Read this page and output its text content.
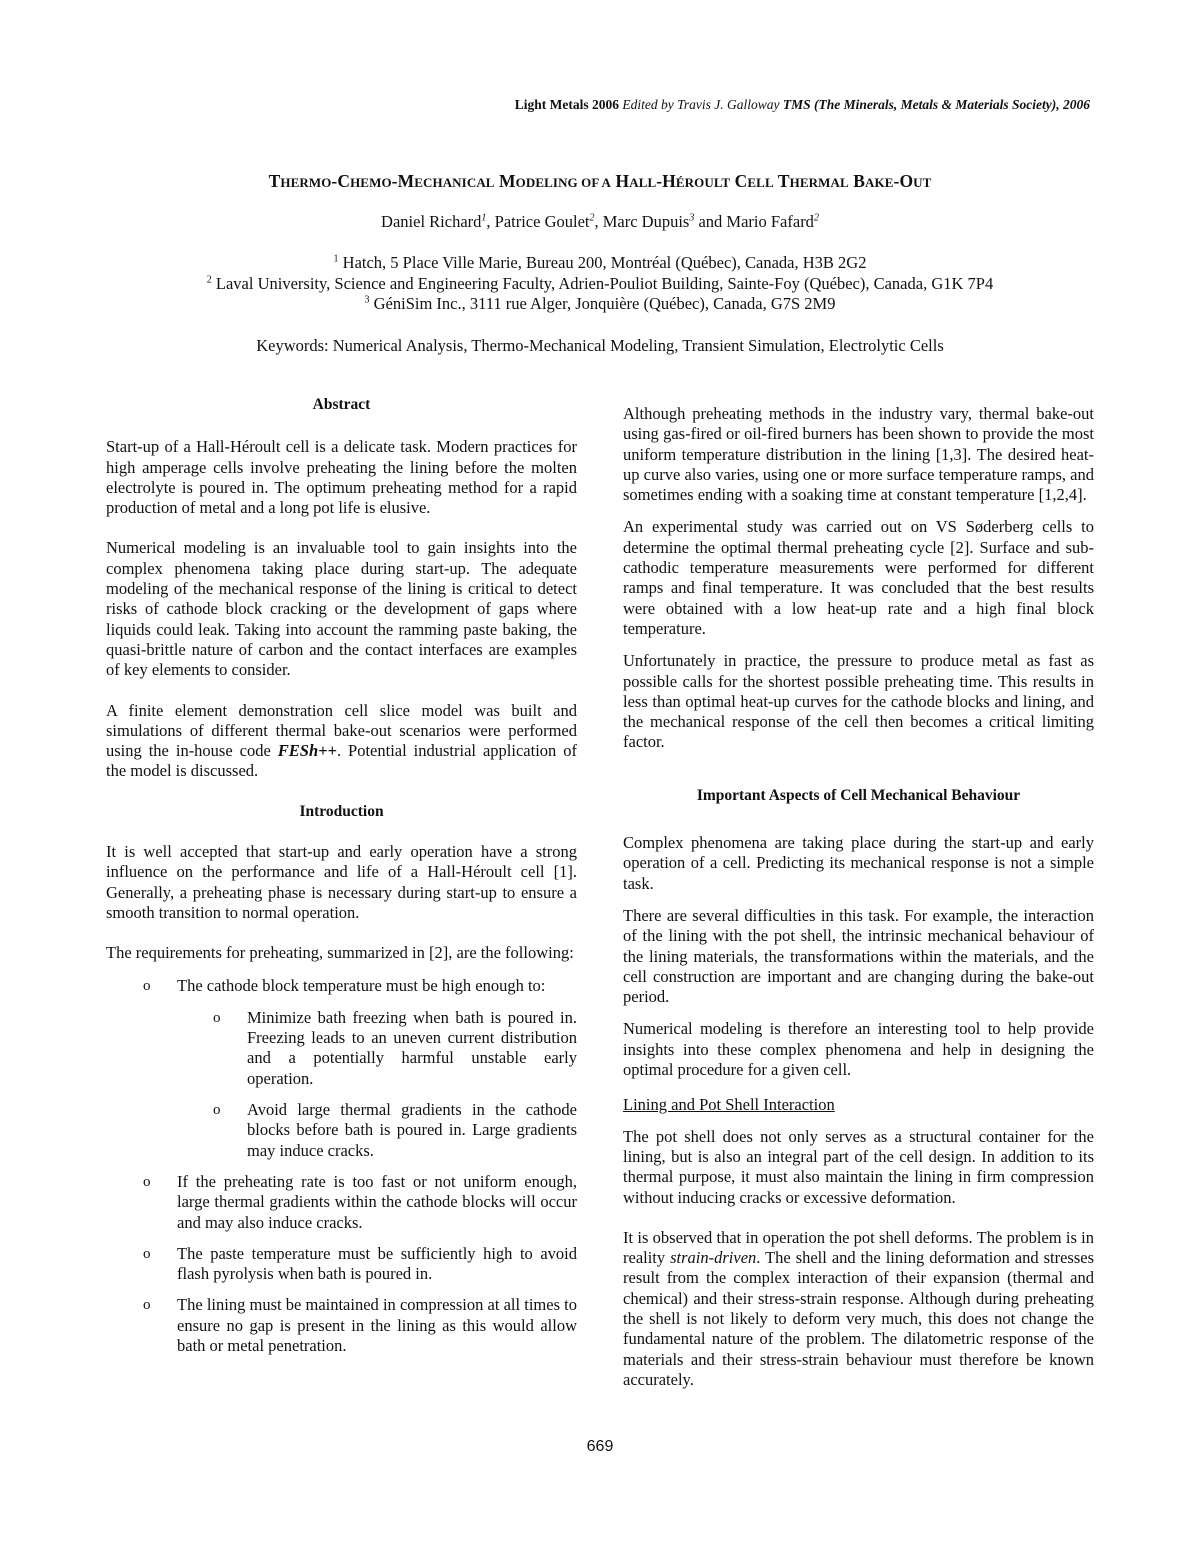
Light Metals 2006 Edited by Travis J. Galloway TMS (The Minerals, Metals & Materials Society), 2006
THERMO-CHEMO-MECHANICAL MODELING OF A HALL-HÉROULT CELL THERMAL BAKE-OUT
Daniel Richard$^1$, Patrice Goulet$^2$, Marc Dupuis$^3$ and Mario Fafard$^2$
$^1$ Hatch, 5 Place Ville Marie, Bureau 200, Montréal (Québec), Canada, H3B 2G2
$^2$ Laval University, Science and Engineering Faculty, Adrien-Pouliot Building, Sainte-Foy (Québec), Canada, G1K 7P4
$^3$ GéniSim Inc., 3111 rue Alger, Jonquière (Québec), Canada, G7S 2M9
Keywords: Numerical Analysis, Thermo-Mechanical Modeling, Transient Simulation, Electrolytic Cells
Abstract

Start-up of a Hall-Héroult cell is a delicate task. Modern practices for high amperage cells involve preheating the lining before the molten electrolyte is poured in. The optimum preheating method for a rapid production of metal and a long pot life is elusive.

Numerical modeling is an invaluable tool to gain insights into the complex phenomena taking place during start-up. The adequate modeling of the mechanical response of the lining is critical to detect risks of cathode block cracking or the development of gaps where liquids could leak. Taking into account the ramming paste baking, the quasi-brittle nature of carbon and the contact interfaces are examples of key elements to consider.

A finite element demonstration cell slice model was built and simulations of different thermal bake-out scenarios were performed using the in-house code FESh++. Potential industrial application of the model is discussed.

Introduction

It is well accepted that start-up and early operation have a strong influence on the performance and life of a Hall-Héroult cell [1]. Generally, a preheating phase is necessary during start-up to ensure a smooth transition to normal operation.

The requirements for preheating, summarized in [2], are the following:

o The cathode block temperature must be high enough to:
o Minimize bath freezing when bath is poured in. Freezing leads to an uneven current distribution and a potentially harmful unstable early operation.
o Avoid large thermal gradients in the cathode blocks before bath is poured in. Large gradients may induce cracks.
o If the preheating rate is too fast or not uniform enough, large thermal gradients within the cathode blocks will occur and may also induce cracks.
o The paste temperature must be sufficiently high to avoid flash pyrolysis when bath is poured in.
o The lining must be maintained in compression at all times to ensure no gap is present in the lining as this would allow bath or metal penetration.

Although preheating methods in the industry vary, thermal bake-out using gas-fired or oil-fired burners has been shown to provide the most uniform temperature distribution in the lining [1,3]. The desired heat-up curve also varies, using one or more surface temperature ramps, and sometimes ending with a soaking time at constant temperature [1,2,4].

An experimental study was carried out on VS Søderberg cells to determine the optimal thermal preheating cycle [2]. Surface and sub-cathodic temperature measurements were performed for different ramps and final temperature. It was concluded that the best results were obtained with a low heat-up rate and a high final block temperature.

Unfortunately in practice, the pressure to produce metal as fast as possible calls for the shortest possible preheating time. This results in less than optimal heat-up curves for the cathode blocks and lining, and the mechanical response of the cell then becomes a critical limiting factor.

Important Aspects of Cell Mechanical Behaviour

Complex phenomena are taking place during the start-up and early operation of a cell. Predicting its mechanical response is not a simple task.

There are several difficulties in this task. For example, the interaction of the lining with the pot shell, the intrinsic mechanical behaviour of the lining materials, the transformations within the materials, and the cell construction are important and are changing during the bake-out period.

Numerical modeling is therefore an interesting tool to help provide insights into these complex phenomena and help in designing the optimal procedure for a given cell.

Lining and Pot Shell Interaction

The pot shell does not only serves as a structural container for the lining, but is also an integral part of the cell design. In addition to its thermal purpose, it must also maintain the lining in firm compression without inducing cracks or excessive deformation.

It is observed that in operation the pot shell deforms. The problem is in reality strain-driven. The shell and the lining deformation and stresses result from the complex interaction of their expansion (thermal and chemical) and their stress-strain response. Although during preheating the shell is not likely to deform very much, this does not change the fundamental nature of the problem. The dilatometric response of the materials and their stress-strain behaviour must therefore be known accurately.

669
